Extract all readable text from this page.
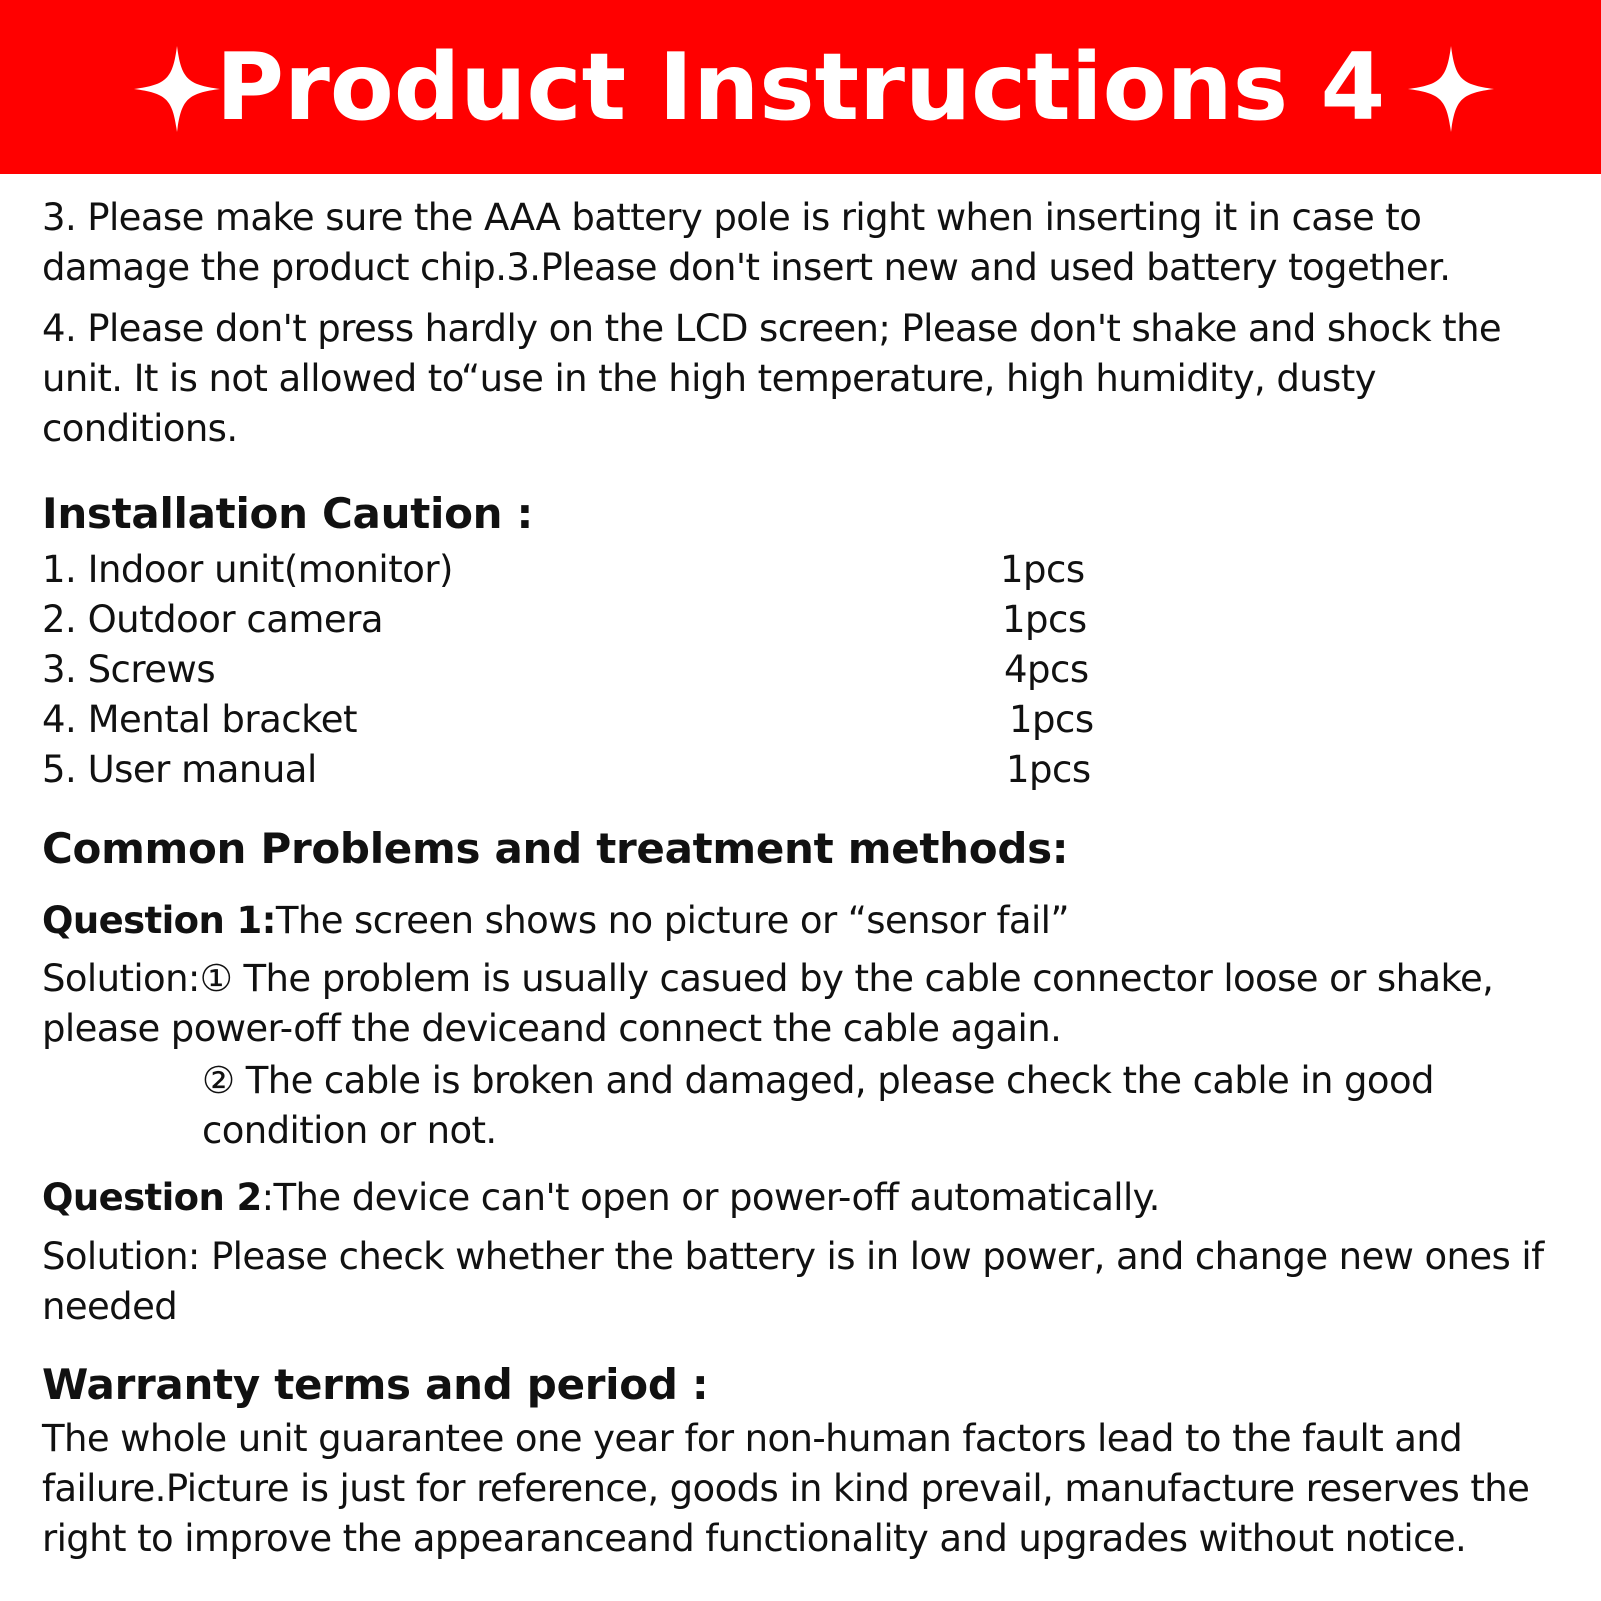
Product Instructions 4

3. Please make sure the AAA battery pole is right when inserting it in case to damage the product chip.3.Please don't insert new and used battery together.

4. Please don't press hardly on the LCD screen; Please don't shake and shock the unit. It is not allowed to“use in the high temperature, high humidity, dusty conditions.

Installation Caution :
1. Indoor unit(monitor)	1pcs
2. Outdoor camera	1pcs
3. Screws	4pcs
4. Mental bracket	1pcs
5. User manual	1pcs
Common Problems and treatment methods:

Question 1:The screen shows no picture or “sensor fail”

Solution:① The problem is usually casued by the cable connector loose or shake, please power-off the deviceand connect the cable again.

② The cable is broken and damaged, please check the cable in good condition or not.

Question 2:The device can't open or power-off automatically.

Solution: Please check whether the battery is in low power, and change new ones if needed

Warranty terms and period :

The whole unit guarantee one year for non-human factors lead to the fault and failure.Picture is just for reference, goods in kind prevail, manufacture reserves the right to improve the appearanceand functionality and upgrades without notice.
